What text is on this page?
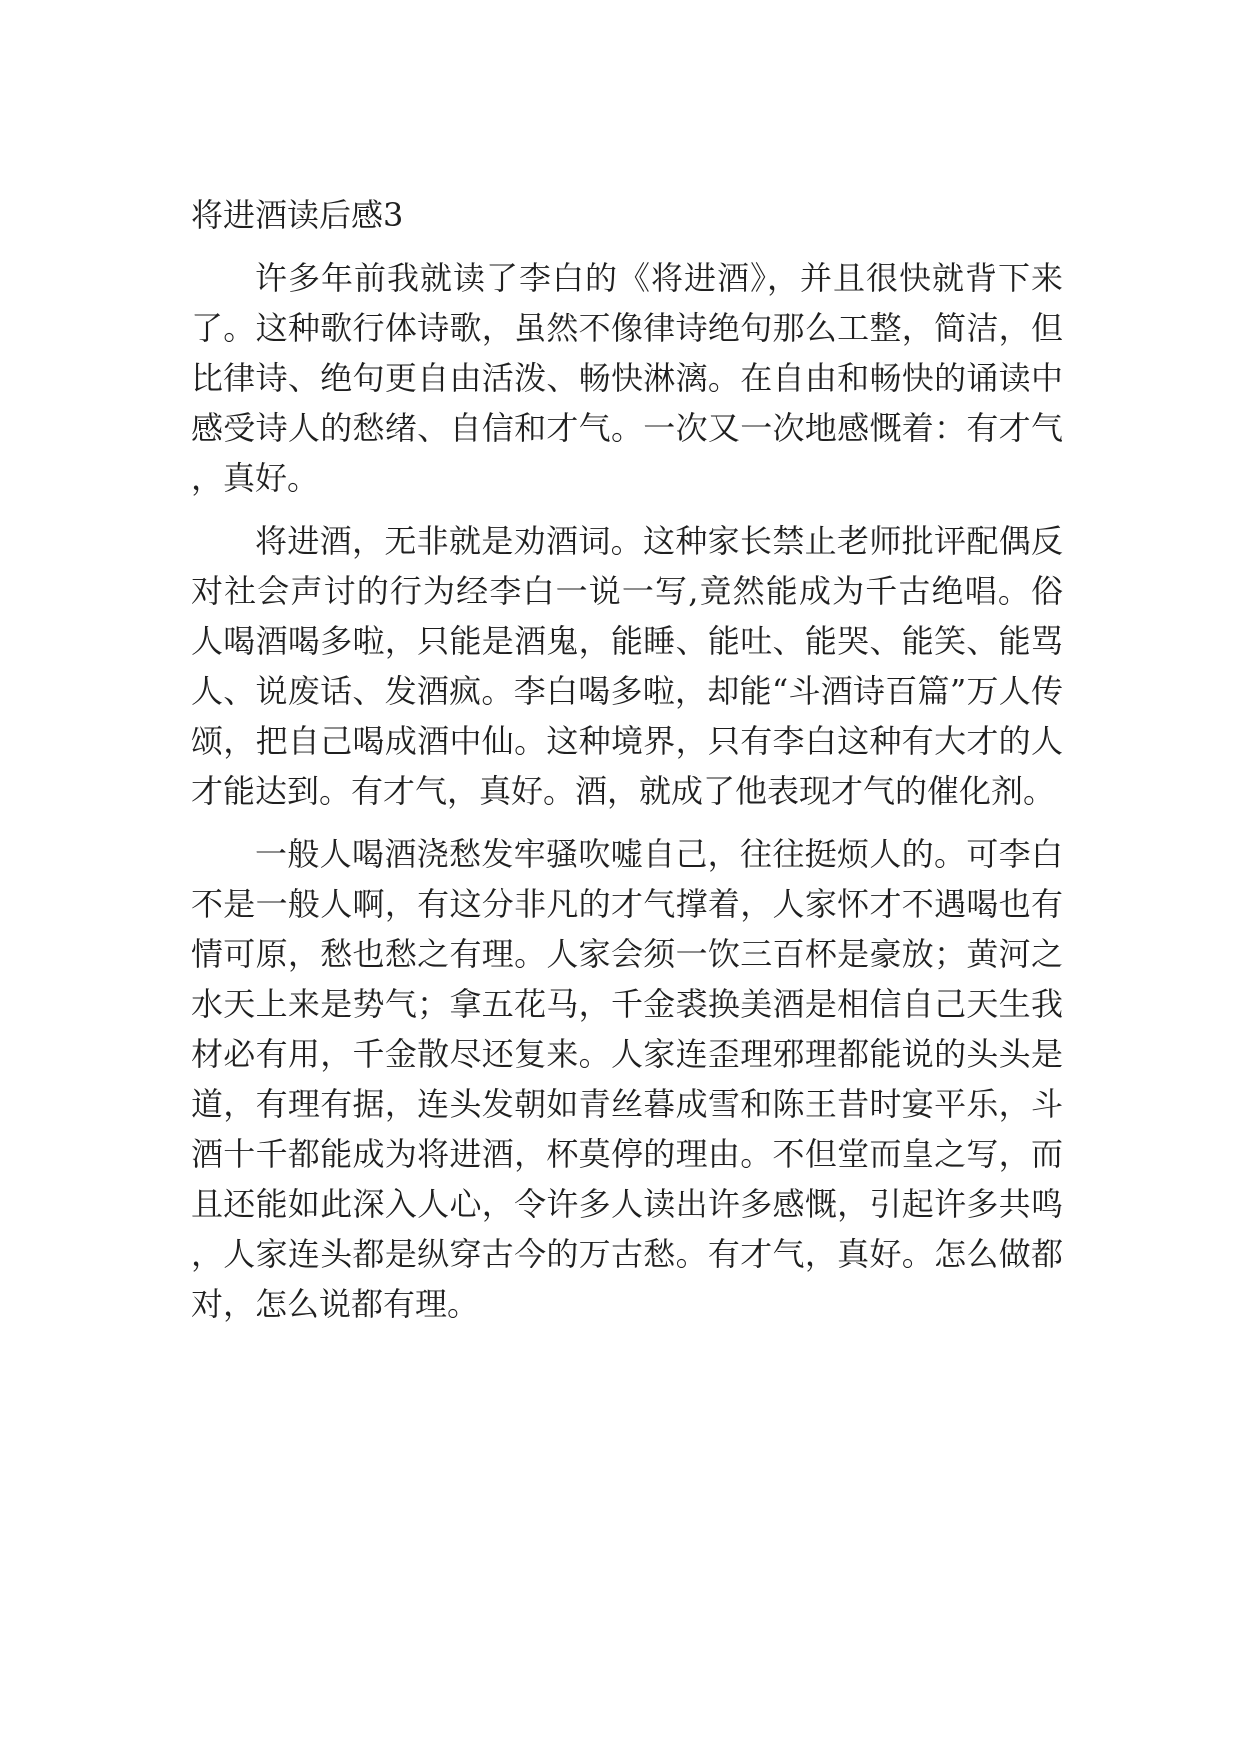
将进酒读后感3

许多年前我就读了李白的《将进酒》，并且很快就背下来了。这种歌行体诗歌，虽然不像律诗绝句那么工整，简洁，但比律诗、绝句更自由活泼、畅快淋漓。在自由和畅快的诵读中感受诗人的愁绪、自信和才气。一次又一次地感慨着：有才气，真好。

将进酒，无非就是劝酒词。这种家长禁止老师批评配偶反对社会声讨的行为经李白一说一写,竟然能成为千古绝唱。俗人喝酒喝多啦，只能是酒鬼，能睡、能吐、能哭、能笑、能骂人、说废话、发酒疯。李白喝多啦，却能“斗酒诗百篇”万人传颂，把自己喝成酒中仙。这种境界，只有李白这种有大才的人才能达到。有才气，真好。酒，就成了他表现才气的催化剂。

一般人喝酒浇愁发牢骚吹嘘自己，往往挺烦人的。可李白不是一般人啊，有这分非凡的才气撑着，人家怀才不遇喝也有情可原，愁也愁之有理。人家会须一饮三百杯是豪放；黄河之水天上来是势气；拿五花马，千金裘换美酒是相信自己天生我材必有用，千金散尽还复来。人家连歪理邪理都能说的头头是道，有理有据，连头发朝如青丝暮成雪和陈王昔时宴平乐，斗酒十千都能成为将进酒，杯莫停的理由。不但堂而皇之写，而且还能如此深入人心，令许多人读出许多感慨，引起许多共鸣，人家连头都是纵穿古今的万古愁。有才气，真好。怎么做都对，怎么说都有理。
